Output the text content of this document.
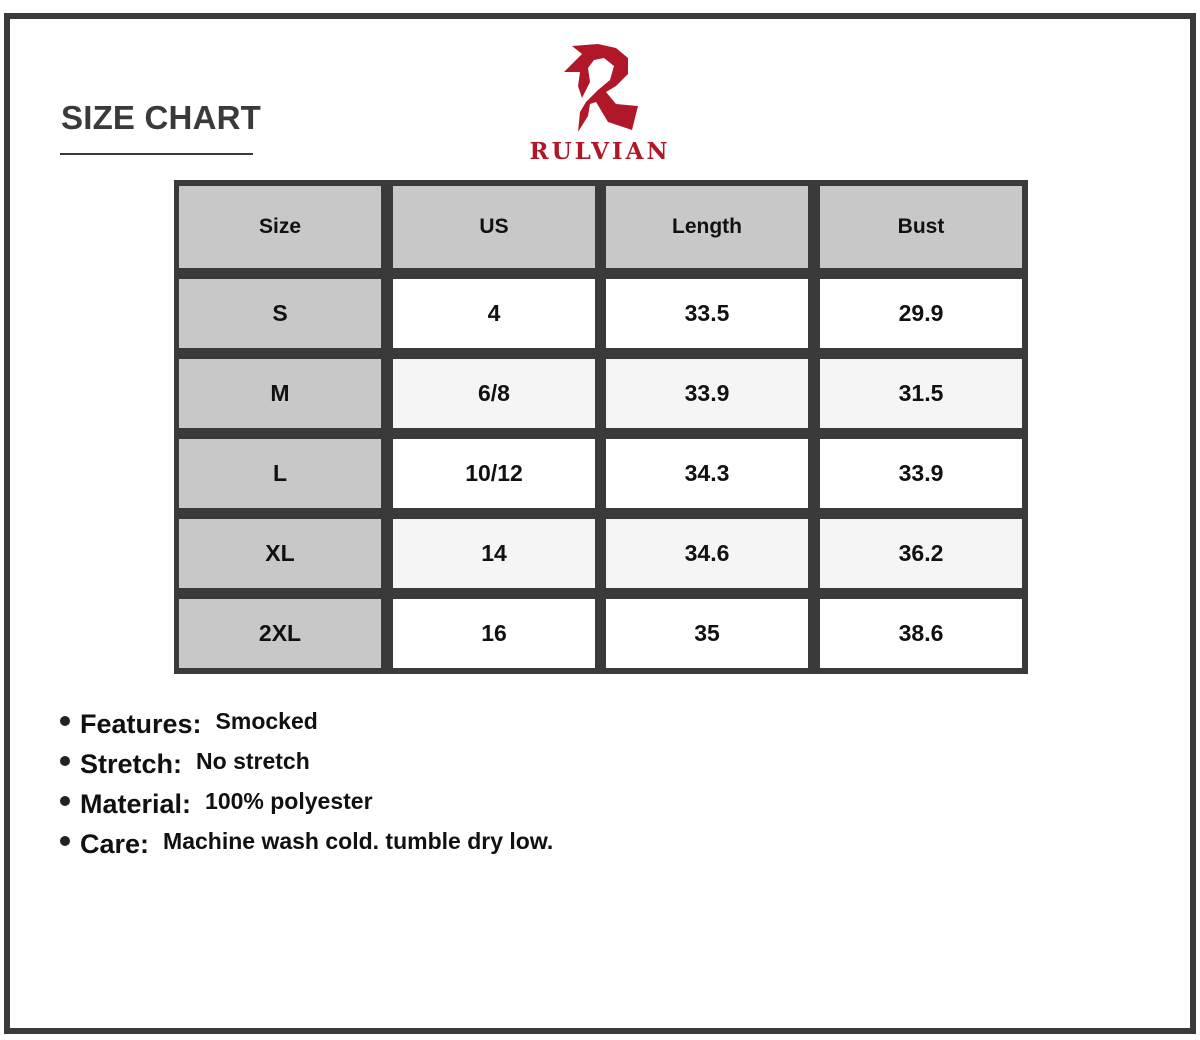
SIZE CHART
RULVIAN
Size	US	Length	Bust
S	4	33.5	29.9
M	6/8	33.9	31.5
L	10/12	34.3	33.9
XL	14	34.6	36.2
2XL	16	35	38.6
Features: Smocked
Stretch: No stretch
Material: 100% polyester
Care: Machine wash cold. tumble dry low.
